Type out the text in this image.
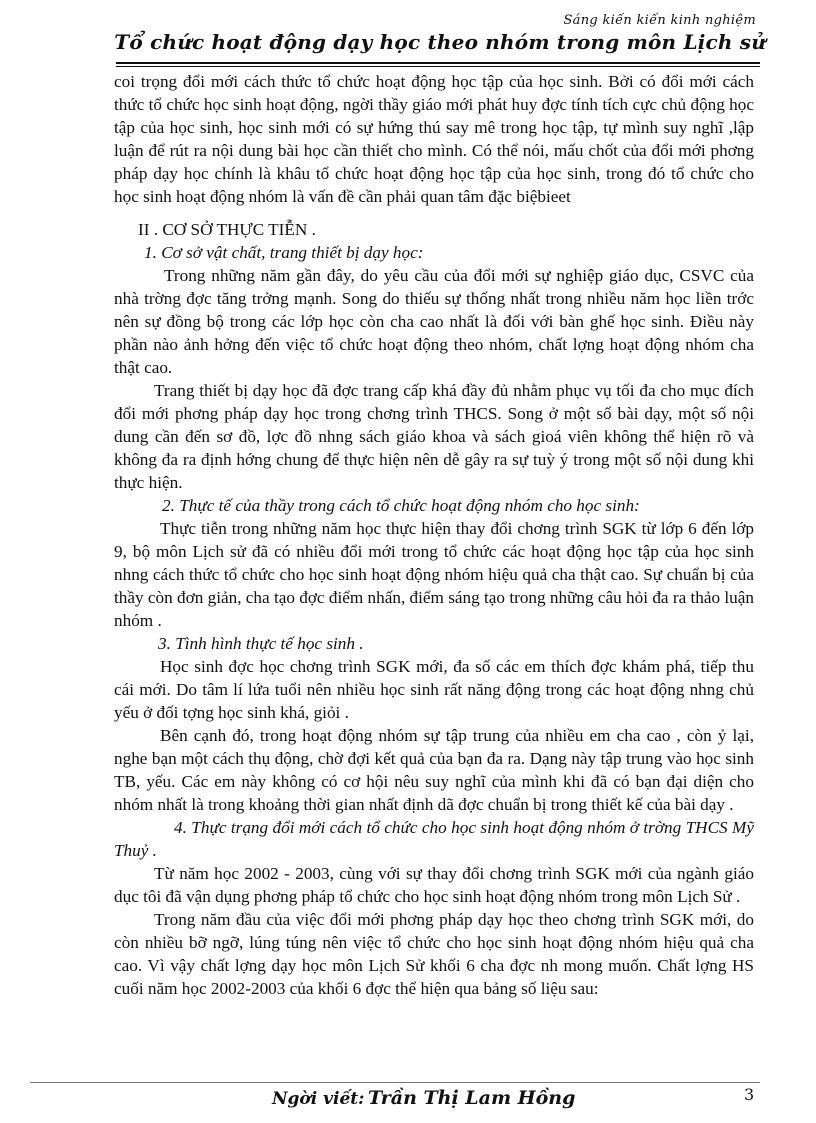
Sáng kiến kiến kinh nghiệm
Tổ chức hoạt động dạy học theo nhóm trong môn Lịch sử

coi trọng đổi mới cách thức tổ chức hoạt động học tập của học sinh. Bởi có đổi mới cách thức tổ chức học sinh hoạt động, ngời thầy giáo mới phát huy đợc tính tích cực chủ động học tập của học sinh, học sinh mới có sự hứng thú say mê trong học tập, tự mình suy nghĩ ,lập luận để rút ra nội dung bài học cần thiết cho mình. Có thể nói, mấu chốt của đổi mới phơng pháp dạy học chính là khâu tổ chức hoạt động học tập của học sinh, trong đó tổ chức cho học sinh hoạt động nhóm là vấn đề cần phải quan tâm đặc biệbieet

II . CƠ SỞ THỰC TIỄN .

1. Cơ sở vật chất, trang thiết bị dạy học:

Trong những năm gần đây, do yêu cầu của đổi mới sự nghiệp giáo dục, CSVC của nhà trờng đợc tăng trởng mạnh. Song do thiếu sự thống nhất trong nhiều năm học liền trớc nên sự đồng bộ trong các lớp học còn cha cao nhất là đối với bàn ghế học sinh. Điều này phần nào ảnh hởng đến việc tổ chức hoạt động theo nhóm, chất lợng hoạt động nhóm cha thật cao.

Trang thiết bị dạy học đã đợc trang cấp khá đầy đủ nhằm phục vụ tối đa cho mục đích đổi mới phơng pháp dạy học trong chơng trình THCS. Song ở một số bài dạy, một số nội dung cần đến sơ đồ, lợc đồ nhng sách giáo khoa và sách gioá viên không thể hiện rõ và không đa ra định hớng chung để thực hiện nên dễ gây ra sự tuỳ ý trong một số nội dung khi thực hiện.

2. Thực tế của thầy trong cách tổ chức hoạt động nhóm cho học sinh:

Thực tiễn trong những năm học thực hiện thay đổi chơng trình SGK từ lớp 6 đến lớp 9, bộ môn Lịch sử đã có nhiều đổi mới trong tổ chức các hoạt động học tập của học sinh nhng cách thức tổ chức cho học sinh hoạt động nhóm hiệu quả cha thật cao. Sự chuẩn bị của thầy còn đơn giản, cha tạo đợc điểm nhấn, điểm sáng tạo trong những câu hỏi đa ra thảo luận nhóm .

3. Tình hình thực tế học sinh .

Học sinh đợc học chơng trình SGK mới, đa số các em thích đợc khám phá, tiếp thu cái mới. Do tâm lí lứa tuổi nên nhiều học sinh rất năng động trong các hoạt động nhng chủ yếu ở đối tợng học sinh khá, giỏi .

Bên cạnh đó, trong hoạt động nhóm sự tập trung của nhiều em cha cao , còn ỷ lại, nghe bạn một cách thụ động, chờ đợi kết quả của bạn đa ra. Dạng này tập trung vào học sinh TB, yếu. Các em này không có cơ hội nêu suy nghĩ của mình khi đã có bạn đại diện cho nhóm nhất là trong khoảng thời gian nhất định dã đợc chuẩn bị trong thiết kế của bài dạy .

4. Thực trạng đổi mới cách tổ chức cho học sinh hoạt động nhóm ở trờng THCS Mỹ Thuỷ .

Từ năm học 2002 - 2003, cùng với sự thay đổi chơng trình SGK mới của ngành giáo dục tôi đã vận dụng phơng pháp tổ chức cho học sinh hoạt động nhóm trong môn Lịch Sử .

Trong năm đầu của việc đổi mới phơng pháp dạy học theo chơng trình SGK mới, do còn nhiều bỡ ngỡ, lúng túng nên việc tổ chức cho học sinh hoạt động nhóm hiệu quả cha cao. Vì vậy chất lợng dạy học môn Lịch Sử khối 6 cha đợc nh mong muốn. Chất lợng HS cuối năm học 2002-2003 của khối 6 đợc thể hiện qua bảng số liệu sau:

Ngời viết: Trần Thị Lam Hồng	3
